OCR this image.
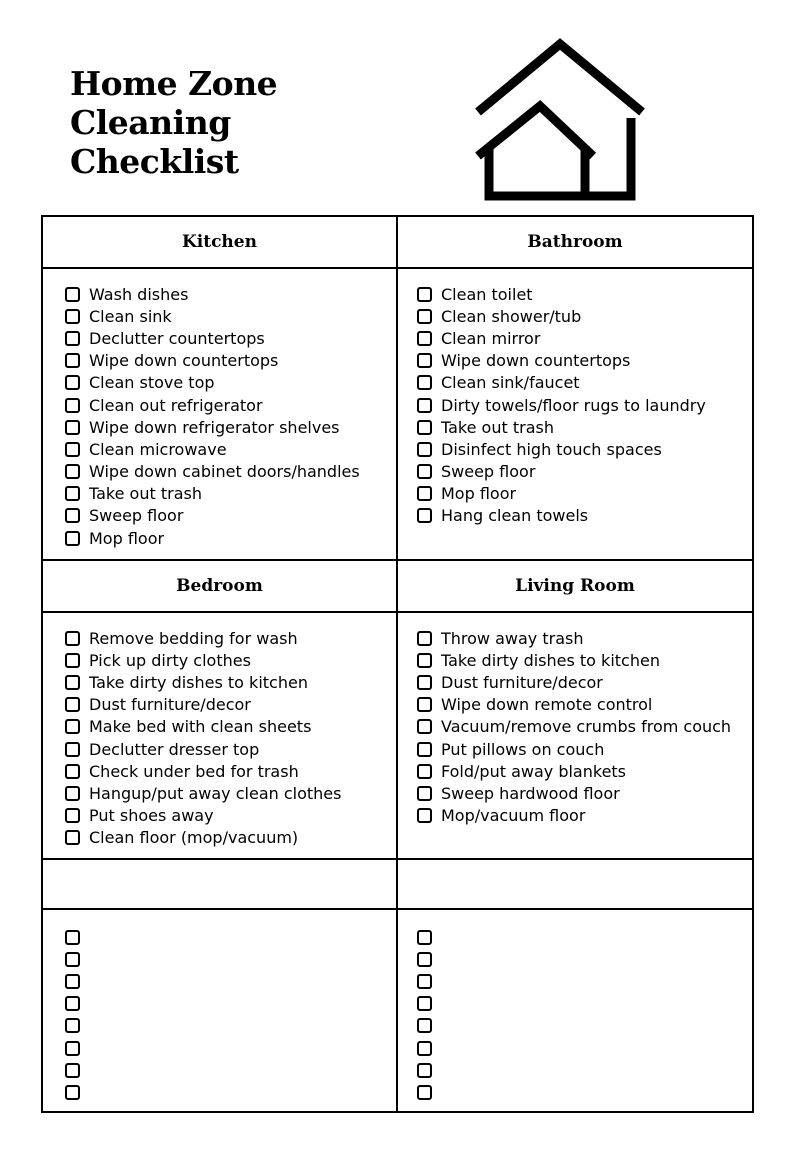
Home Zone
Cleaning
Checklist
Kitchen
Wash dishes
Clean sink
Declutter countertops
Wipe down countertops
Clean stove top
Clean out refrigerator
Wipe down refrigerator shelves
Clean microwave
Wipe down cabinet doors/handles
Take out trash
Sweep floor
Mop floor
Bathroom
Clean toilet
Clean shower/tub
Clean mirror
Wipe down countertops
Clean sink/faucet
Dirty towels/floor rugs to laundry
Take out trash
Disinfect high touch spaces
Sweep floor
Mop floor
Hang clean towels
Bedroom
Remove bedding for wash
Pick up dirty clothes
Take dirty dishes to kitchen
Dust furniture/decor
Make bed with clean sheets
Declutter dresser top
Check under bed for trash
Hangup/put away clean clothes
Put shoes away
Clean floor (mop/vacuum)
Living Room
Throw away trash
Take dirty dishes to kitchen
Dust furniture/decor
Wipe down remote control
Vacuum/remove crumbs from couch
Put pillows on couch
Fold/put away blankets
Sweep hardwood floor
Mop/vacuum floor
